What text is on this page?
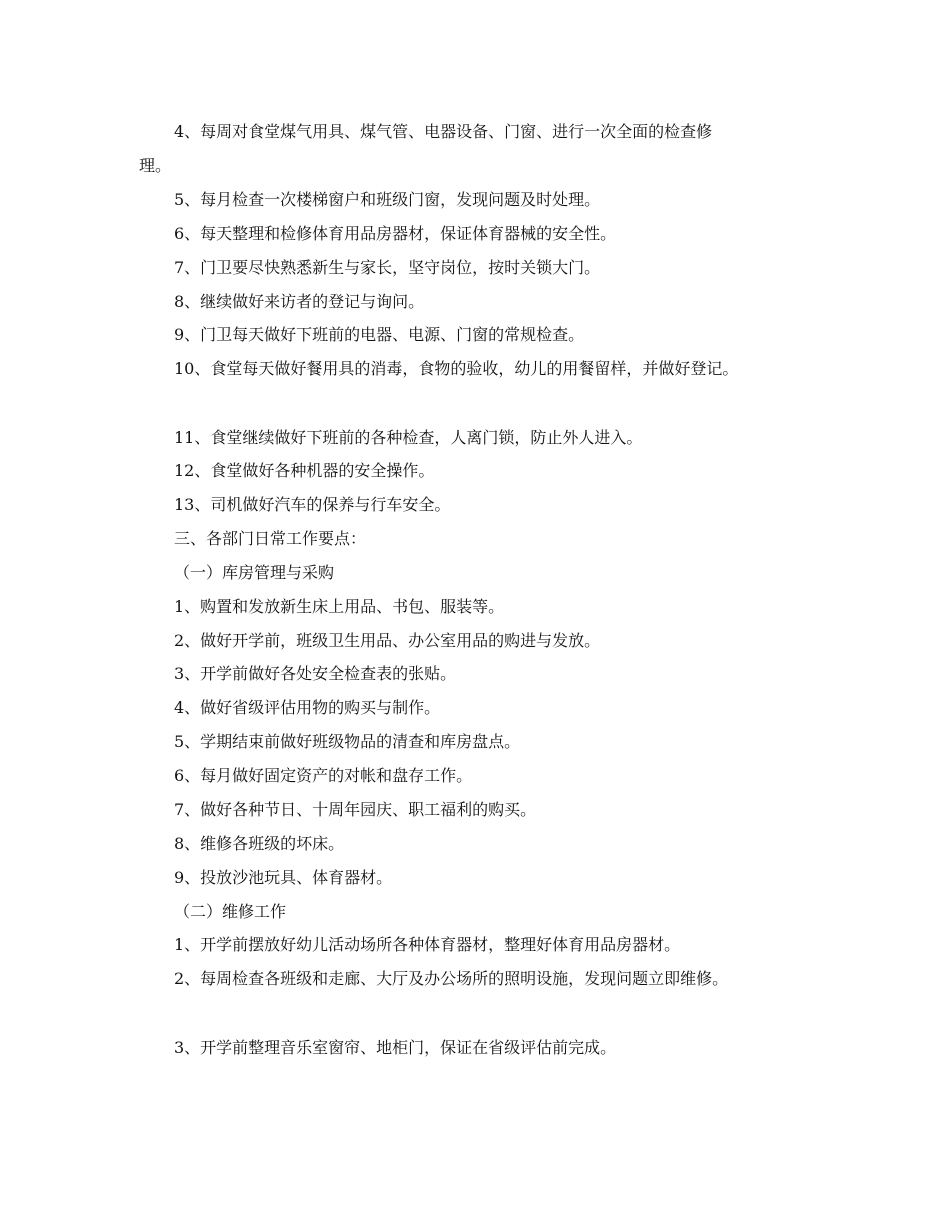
4、每周对食堂煤气用具、煤气管、电器设备、门窗、进行一次全面的检查修
理。
5、每月检查一次楼梯窗户和班级门窗，发现问题及时处理。
6、每天整理和检修体育用品房器材，保证体育器械的安全性。
7、门卫要尽快熟悉新生与家长，坚守岗位，按时关锁大门。
8、继续做好来访者的登记与询问。
9、门卫每天做好下班前的电器、电源、门窗的常规检查。
10、食堂每天做好餐用具的消毒，食物的验收，幼儿的用餐留样，并做好登记。
11、食堂继续做好下班前的各种检查，人离门锁，防止外人进入。
12、食堂做好各种机器的安全操作。
13、司机做好汽车的保养与行车安全。
三、各部门日常工作要点：
（一）库房管理与采购
1、购置和发放新生床上用品、书包、服装等。
2、做好开学前，班级卫生用品、办公室用品的购进与发放。
3、开学前做好各处安全检查表的张贴。
4、做好省级评估用物的购买与制作。
5、学期结束前做好班级物品的清查和库房盘点。
6、每月做好固定资产的对帐和盘存工作。
7、做好各种节日、十周年园庆、职工福利的购买。
8、维修各班级的坏床。
9、投放沙池玩具、体育器材。
（二）维修工作
1、开学前摆放好幼儿活动场所各种体育器材，整理好体育用品房器材。
2、每周检查各班级和走廊、大厅及办公场所的照明设施，发现问题立即维修。
3、开学前整理音乐室窗帘、地柜门，保证在省级评估前完成。
